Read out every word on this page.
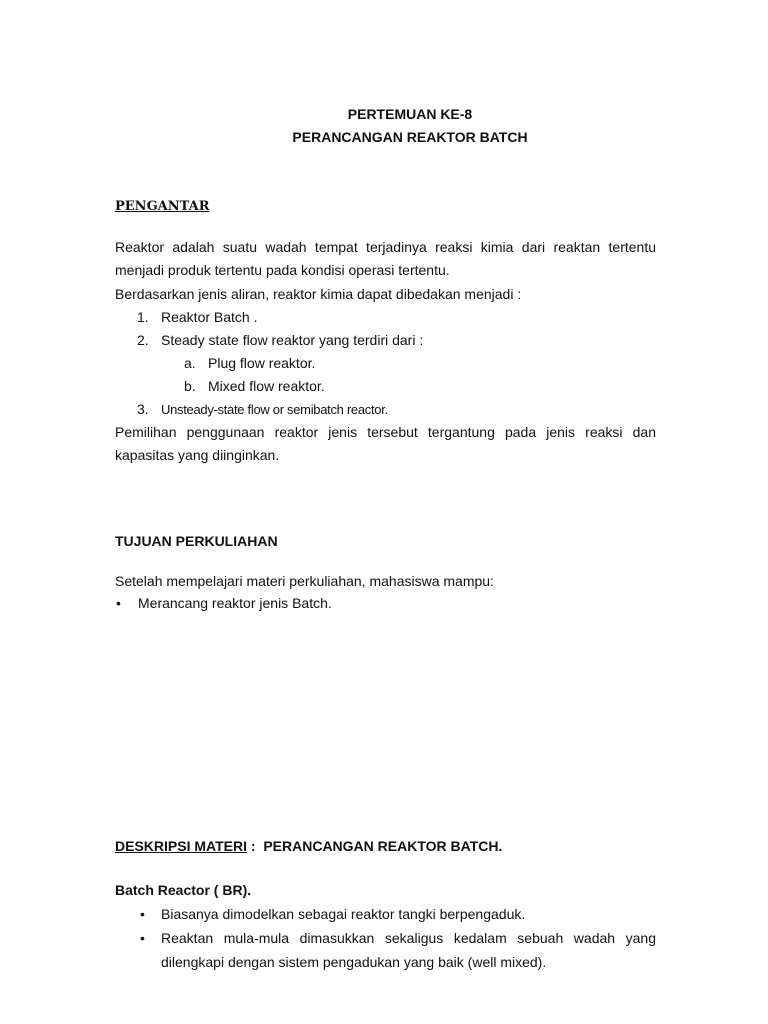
PERTEMUAN KE-8
PERANCANGAN REAKTOR BATCH
PENGANTAR
Reaktor adalah suatu wadah tempat terjadinya reaksi kimia dari reaktan tertentu
menjadi produk tertentu pada kondisi operasi tertentu.
Berdasarkan jenis aliran, reaktor kimia dapat dibedakan menjadi :
1. Reaktor Batch .
2. Steady state flow reaktor yang terdiri dari :
a. Plug flow reaktor.
b. Mixed flow reaktor.
3. Unsteady-state flow or semibatch reactor.
Pemilihan penggunaan reaktor jenis tersebut tergantung pada jenis reaksi dan
kapasitas yang diinginkan.
TUJUAN PERKULIAHAN
Setelah mempelajari materi perkuliahan, mahasiswa mampu:
• Merancang reaktor jenis Batch.
DESKRIPSI MATERI : PERANCANGAN REAKTOR BATCH.
Batch Reactor ( BR).
• Biasanya dimodelkan sebagai reaktor tangki berpengaduk.
• Reaktan mula-mula dimasukkan sekaligus kedalam sebuah wadah yang
dilengkapi dengan sistem pengadukan yang baik (well mixed).
